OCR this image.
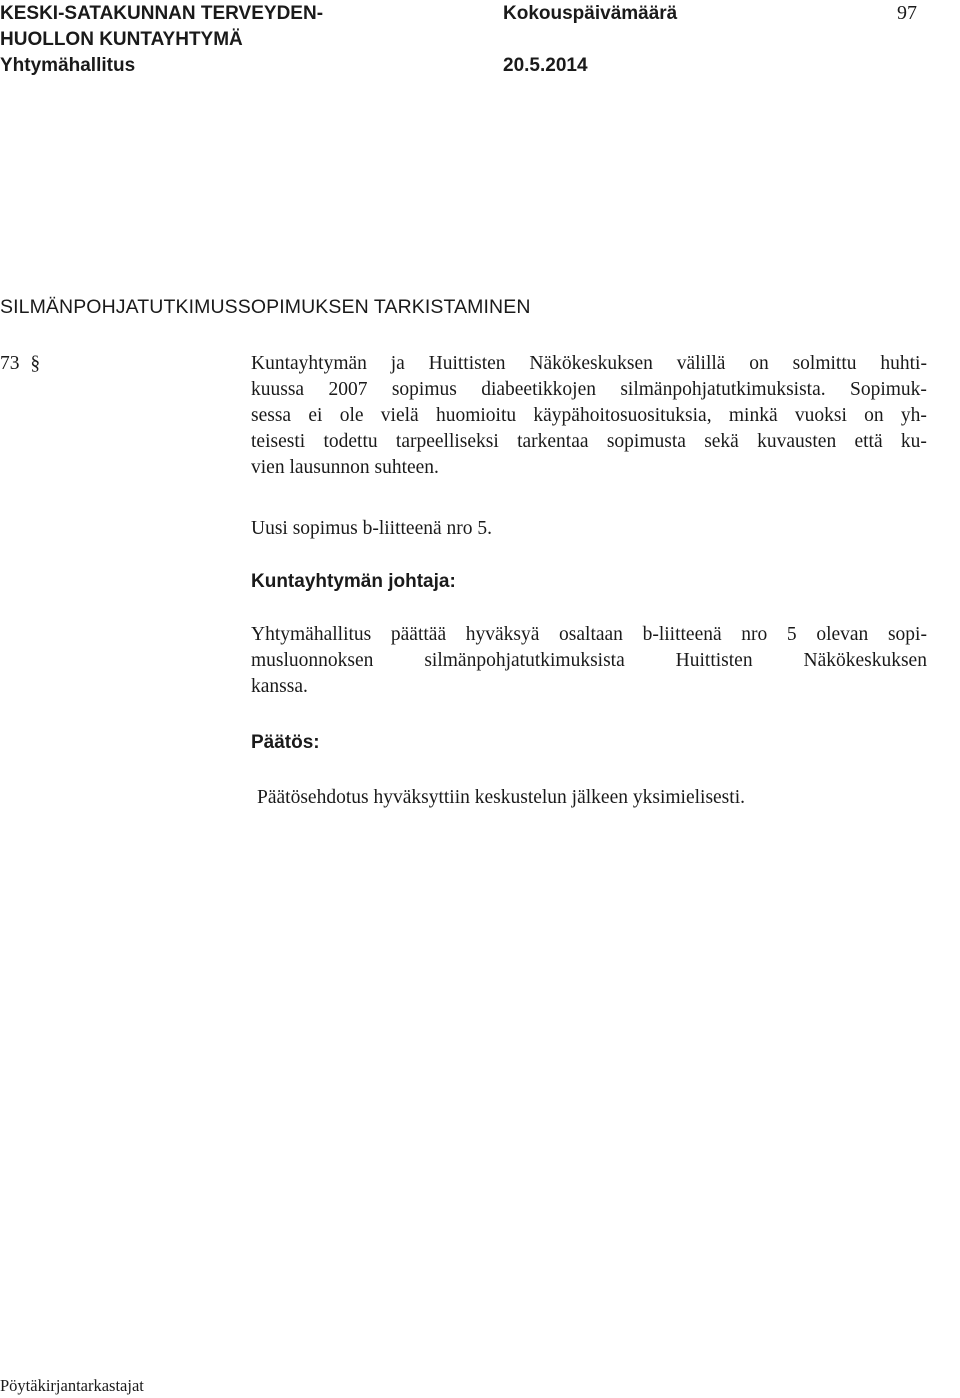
KESKI-SATAKUNNAN TERVEYDEN-
HUOLLON KUNTAYHTYMÄ
Yhtymähallitus
Kokouspäivämäärä
20.5.2014
97
SILMÄNPOHJATUTKIMUSSOPIMUKSEN TARKISTAMINEN
73 §	Kuntayhtymän ja Huittisten Näkökeskuksen välillä on solmittu huhti-
kuussa 2007 sopimus diabeetikkojen silmänpohjatutkimuksista. Sopimuk-
sessa ei ole vielä huomioitu käypähoitosuosituksia, minkä vuoksi on yh-
teisesti todettu tarpeelliseksi tarkentaa sopimusta sekä kuvausten että ku-
vien lausunnon suhteen.
Uusi sopimus b-liitteenä nro 5.
Kuntayhtymän johtaja:
Yhtymähallitus päättää hyväksyä osaltaan b-liitteenä nro 5 olevan sopi-
musluonnoksen	silmänpohjatutkimuksista	Huittisten	Näkökeskuksen
kanssa.
Päätös:
Päätösehdotus hyväksyttiin keskustelun jälkeen yksimielisesti.
Pöytäkirjantarkastajat
